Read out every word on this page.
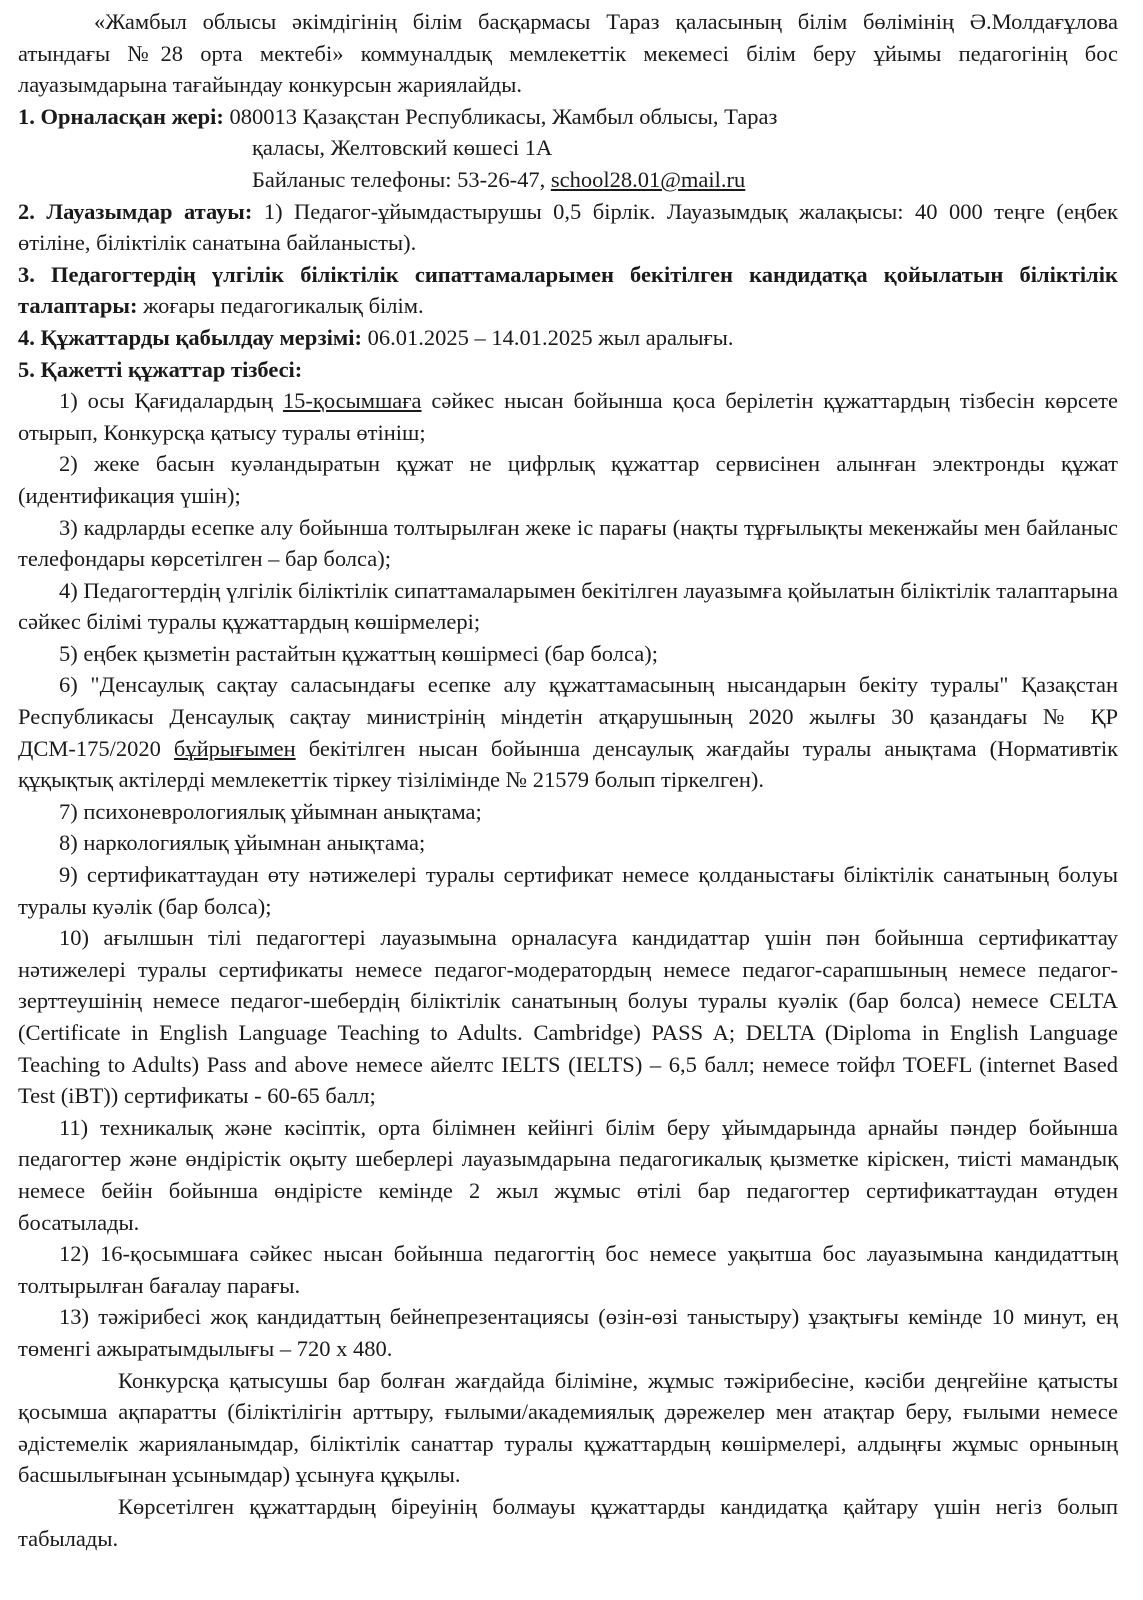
«Жамбыл облысы әкімдігінің білім басқармасы Тараз қаласының білім бөлімінің Ә.Молдағұлова атындағы №28 орта мектебі» коммуналдық мемлекеттік мекемесі білім беру ұйымы педагогінің бос лауазымдарына тағайындау конкурсын жариялайды.

1. Орналасқан жері: 080013 Қазақстан Республикасы, Жамбыл облысы, Тараз

қаласы, Желтовский көшесі 1А

Байланыс телефоны: 53-26-47, school28.01@mail.ru

2. Лауазымдар атауы: 1) Педагог-ұйымдастырушы 0,5 бірлік. Лауазымдық жалақысы: 40 000 теңге (еңбек өтіліне, біліктілік санатына байланысты).

3. Педагогтердің үлгілік біліктілік сипаттамаларымен бекітілген кандидатқа қойылатын біліктілік талаптары: жоғары педагогикалық білім.

4. Құжаттарды қабылдау мерзімі: 06.01.2025 – 14.01.2025 жыл аралығы.

5. Қажетті құжаттар тізбесі:

1) осы Қағидалардың 15-қосымшаға сәйкес нысан бойынша қоса берілетін құжаттардың тізбесін көрсете отырып, Конкурсқа қатысу туралы өтініш;

2) жеке басын куәландыратын құжат не цифрлық құжаттар сервисінен алынған электронды құжат (идентификация үшін);

3) кадрларды есепке алу бойынша толтырылған жеке іс парағы (нақты тұрғылықты мекенжайы мен байланыс телефондары көрсетілген – бар болса);

4) Педагогтердің үлгілік біліктілік сипаттамаларымен бекітілген лауазымға қойылатын біліктілік талаптарына сәйкес білімі туралы құжаттардың көшірмелері;

5) еңбек қызметін растайтын құжаттың көшірмесі (бар болса);

6) "Денсаулық сақтау саласындағы есепке алу құжаттамасының нысандарын бекіту туралы" Қазақстан Республикасы Денсаулық сақтау министрінің міндетін атқарушының 2020 жылғы 30 қазандағы № ҚР ДСМ-175/2020 бұйрығымен бекітілген нысан бойынша денсаулық жағдайы туралы анықтама (Нормативтік құқықтық актілерді мемлекеттік тіркеу тізілімінде № 21579 болып тіркелген).

7) психоневрологиялық ұйымнан анықтама;

8) наркологиялық ұйымнан анықтама;

9) сертификаттаудан өту нәтижелері туралы сертификат немесе қолданыстағы біліктілік санатының болуы туралы куәлік (бар болса);

10) ағылшын тілі педагогтері лауазымына орналасуға кандидаттар үшін пән бойынша сертификаттау нәтижелері туралы сертификаты немесе педагог-модератордың немесе педагог-сарапшының немесе педагог-зерттеушінің немесе педагог-шебердің біліктілік санатының болуы туралы куәлік (бар болса) немесе CELTA (Certificate in English Language Teaching to Adults. Cambridge) PASS A; DELTA (Diploma in English Language Teaching to Adults) Pass and above немесе айелтс IELTS (IELTS) – 6,5 балл; немесе тойфл TOEFL (internet Based Test (iBT)) сертификаты - 60-65 балл;

11) техникалық және кәсіптік, орта білімнен кейінгі білім беру ұйымдарында арнайы пәндер бойынша педагогтер және өндірістік оқыту шеберлері лауазымдарына педагогикалық қызметке кіріскен, тиісті мамандық немесе бейін бойынша өндірісте кемінде 2 жыл жұмыс өтілі бар педагогтер сертификаттаудан өтуден босатылады.

12) 16-қосымшаға сәйкес нысан бойынша педагогтің бос немесе уақытша бос лауазымына кандидаттың толтырылған бағалау парағы.

13) тәжірибесі жоқ кандидаттың бейнепрезентациясы (өзін-өзі таныстыру) ұзақтығы кемінде 10 минут, ең төменгі ажыратымдылығы – 720 х 480.

Конкурсқа қатысушы бар болған жағдайда біліміне, жұмыс тәжірибесіне, кәсіби деңгейіне қатысты қосымша ақпаратты (біліктілігін арттыру, ғылыми/академиялық дәрежелер мен атақтар беру, ғылыми немесе әдістемелік жарияланымдар, біліктілік санаттар туралы құжаттардың көшірмелері, алдыңғы жұмыс орнының басшылығынан ұсынымдар) ұсынуға құқылы.

Көрсетілген құжаттардың біреуінің болмауы құжаттарды кандидатқа қайтару үшін негіз болып табылады.
